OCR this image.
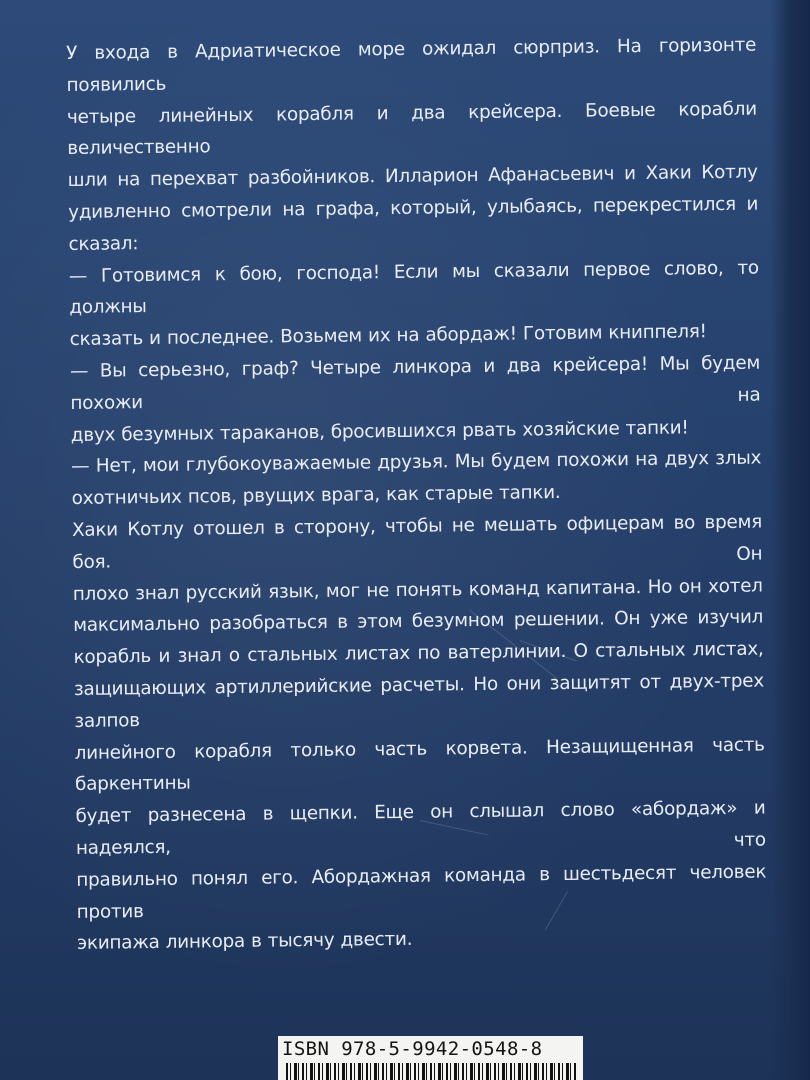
У входа в Адриатическое море ожидал сюрприз. На горизонте появились
четыре линейных корабля и два крейсера. Боевые корабли величественно
шли на перехват разбойников. Илларион Афанасьевич и Хаки Котлу
удивленно смотрели на графа, который, улыбаясь, перекрестился и сказал:
— Готовимся к бою, господа! Если мы сказали первое слово, то должны
сказать и последнее. Возьмем их на абордаж! Готовим книппеля!
— Вы серьезно, граф? Четыре линкора и два крейсера! Мы будем похожи на
двух безумных тараканов, бросившихся рвать хозяйские тапки!
— Нет, мои глубокоуважаемые друзья. Мы будем похожи на двух злых
охотничьих псов, рвущих врага, как старые тапки.
Хаки Котлу отошел в сторону, чтобы не мешать офицерам во время боя. Он
плохо знал русский язык, мог не понять команд капитана. Но он хотел
максимально разобраться в этом безумном решении. Он уже изучил
корабль и знал о стальных листах по ватерлинии. О стальных листах,
защищающих артиллерийские расчеты. Но они защитят от двух-трех залпов
линейного корабля только часть корвета. Незащищенная часть баркентины
будет разнесена в щепки. Еще он слышал слово «абордаж» и надеялся, что
правильно понял его. Абордажная команда в шестьдесят человек против
экипажа линкора в тысячу двести.
ISBN 978-5-9942-0548-8
